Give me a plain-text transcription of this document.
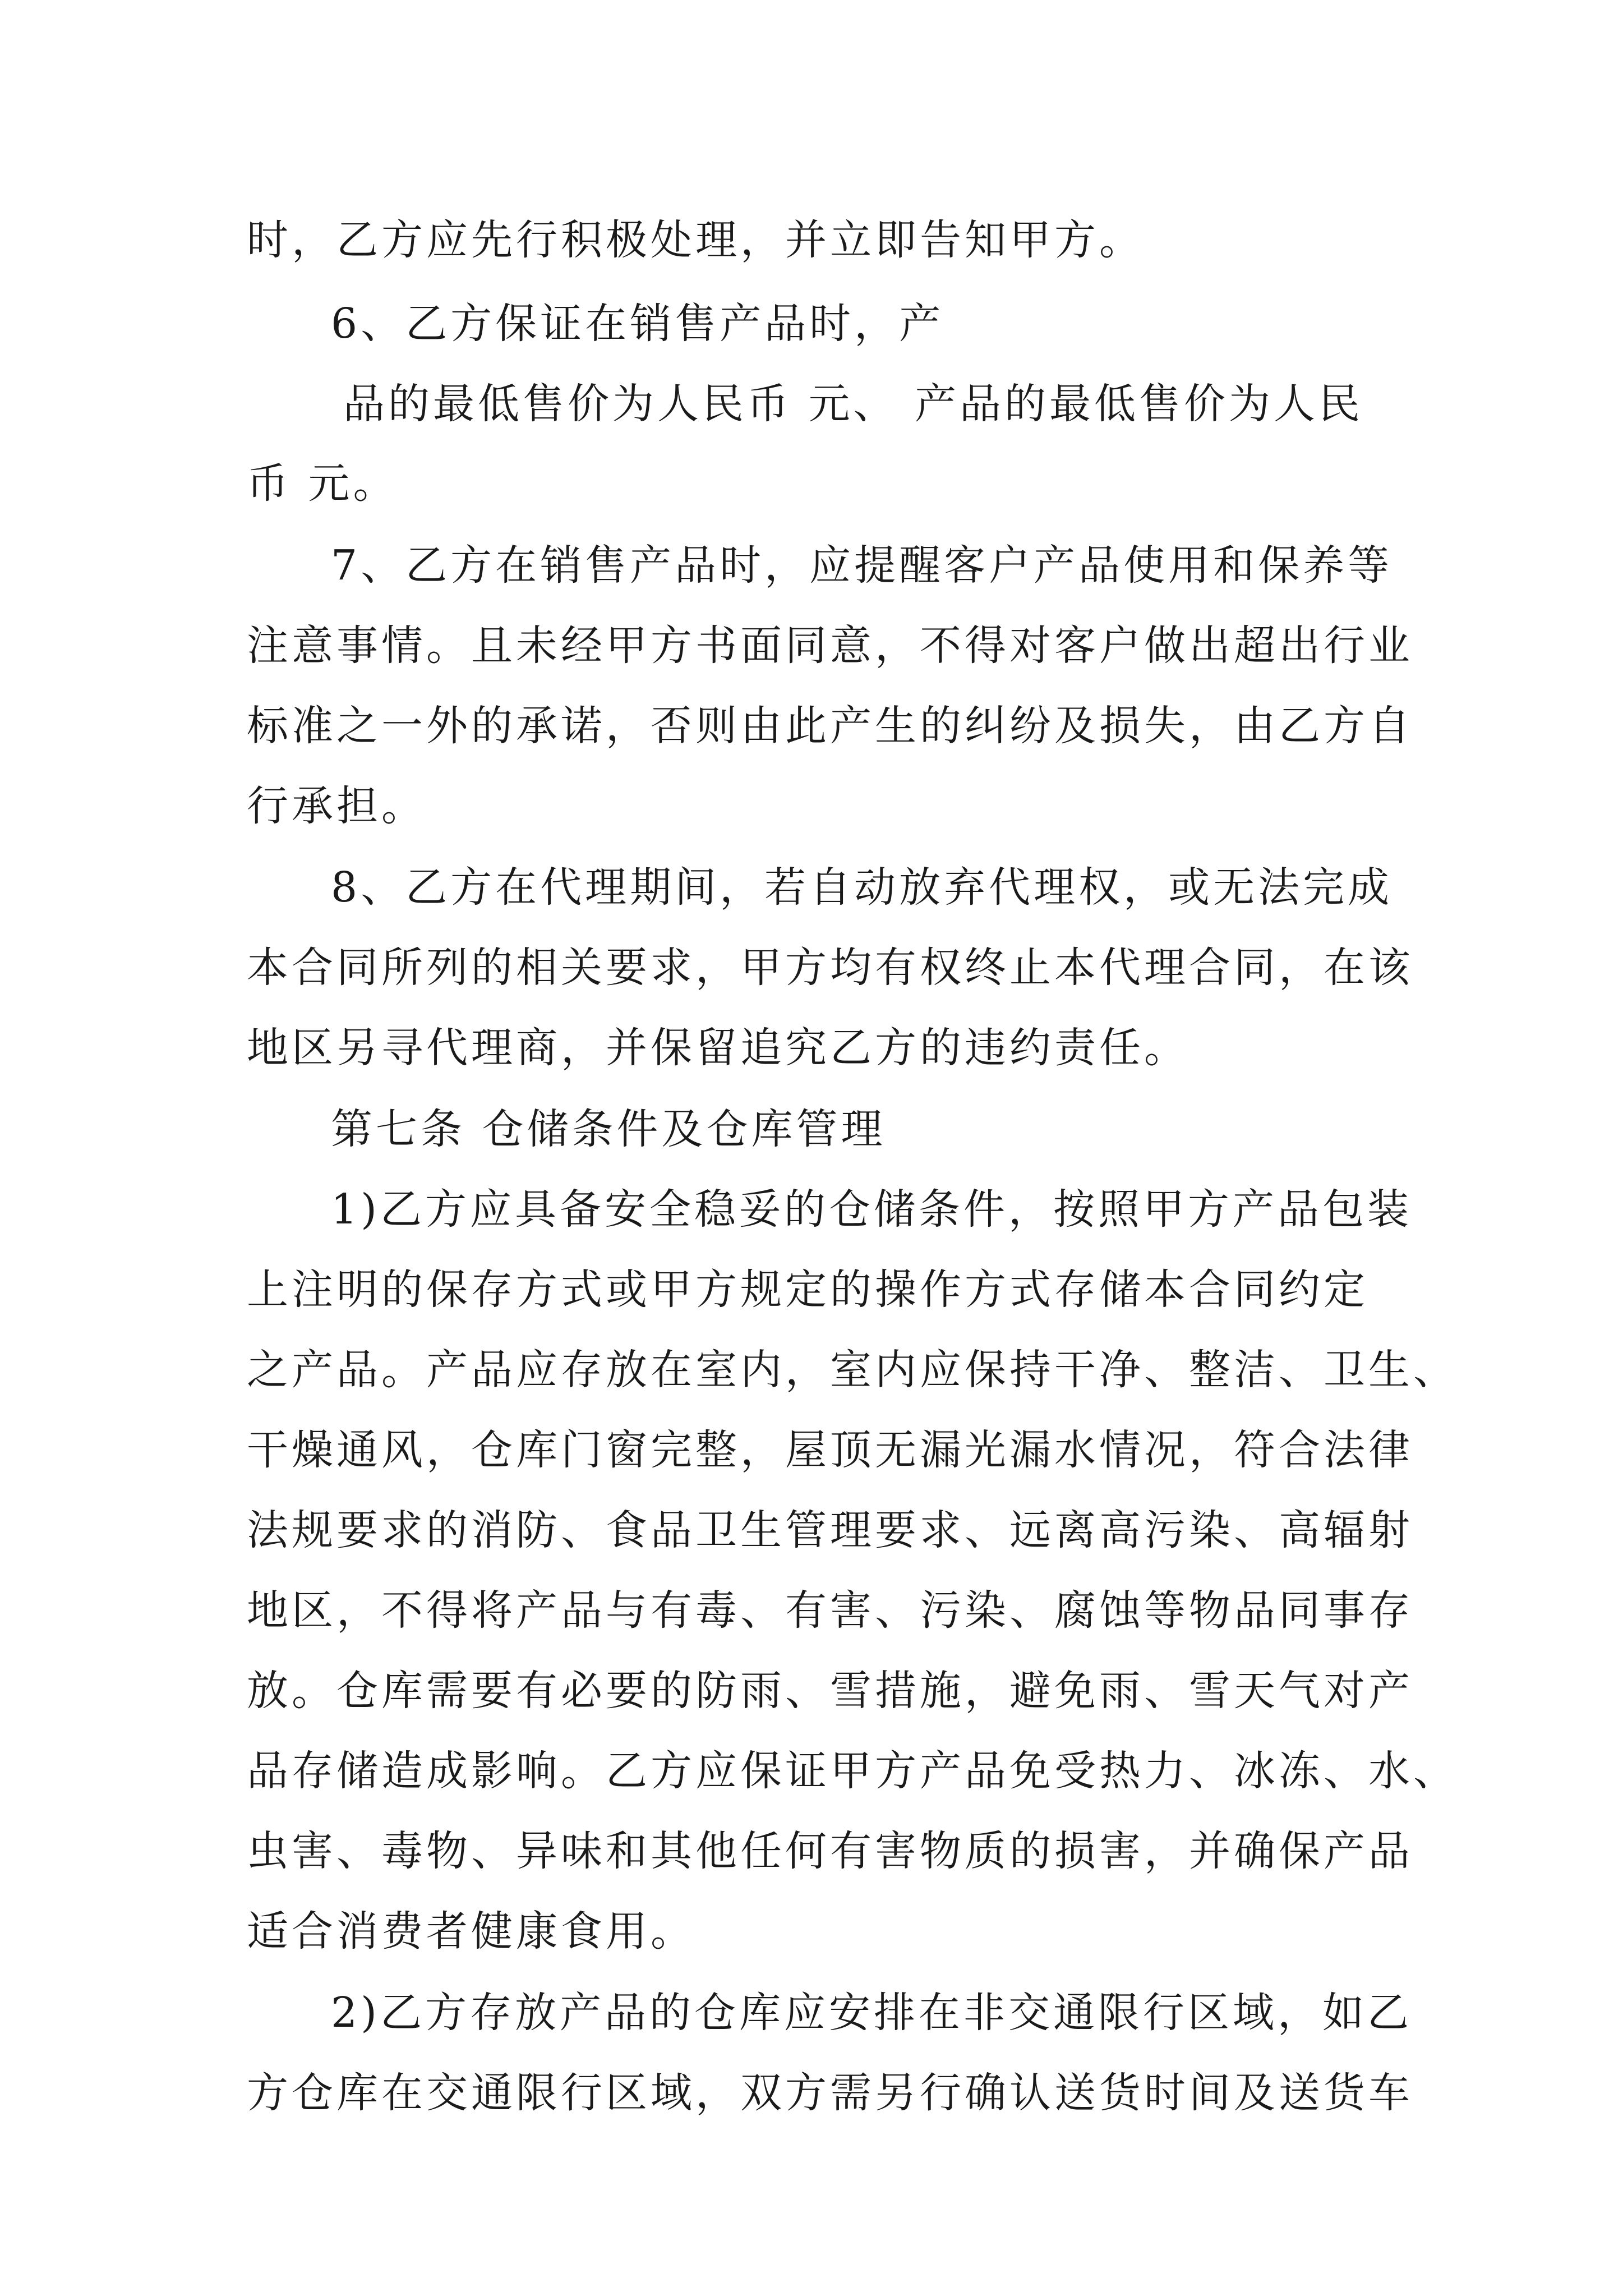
时，乙方应先行积极处理，并立即告知甲方。

6、乙方保证在销售产品时，产

品的最低售价为人民币 元、 产品的最低售价为人民

币 元。

7、乙方在销售产品时，应提醒客户产品使用和保养等

注意事情。且未经甲方书面同意，不得对客户做出超出行业

标准之一外的承诺，否则由此产生的纠纷及损失，由乙方自

行承担。

8、乙方在代理期间，若自动放弃代理权，或无法完成

本合同所列的相关要求，甲方均有权终止本代理合同，在该

地区另寻代理商，并保留追究乙方的违约责任。

第七条 仓储条件及仓库管理

1)乙方应具备安全稳妥的仓储条件，按照甲方产品包装

上注明的保存方式或甲方规定的操作方式存储本合同约定

之产品。产品应存放在室内，室内应保持干净、整洁、卫生、

干燥通风，仓库门窗完整，屋顶无漏光漏水情况，符合法律

法规要求的消防、食品卫生管理要求、远离高污染、高辐射

地区，不得将产品与有毒、有害、污染、腐蚀等物品同事存

放。仓库需要有必要的防雨、雪措施，避免雨、雪天气对产

品存储造成影响。乙方应保证甲方产品免受热力、冰冻、水、

虫害、毒物、异味和其他任何有害物质的损害，并确保产品

适合消费者健康食用。

2)乙方存放产品的仓库应安排在非交通限行区域，如乙

方仓库在交通限行区域，双方需另行确认送货时间及送货车
